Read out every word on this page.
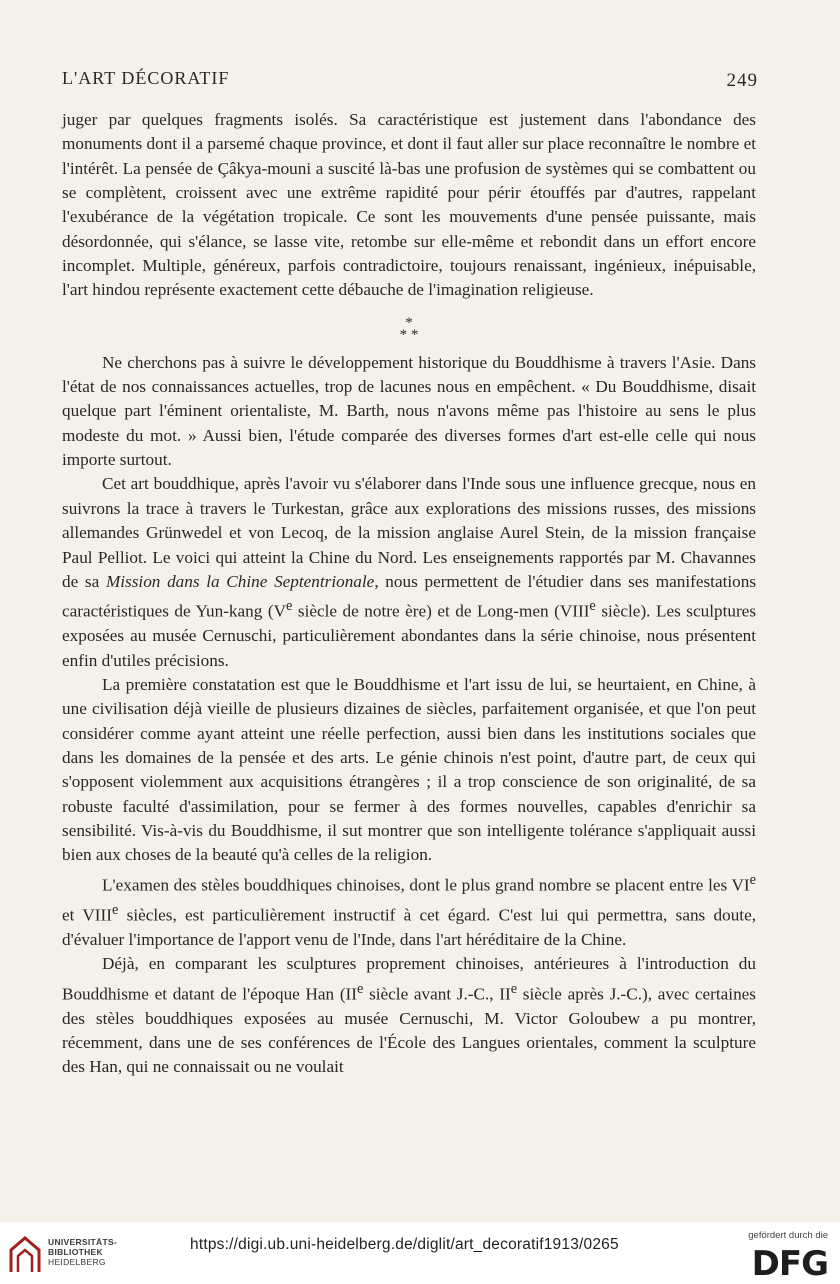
L'ART DÉCORATIF	249

juger par quelques fragments isolés. Sa caractéristique est justement dans l'abondance des monuments dont il a parsemé chaque province, et dont il faut aller sur place reconnaître le nombre et l'intérêt. La pensée de Çâkya-mouni a suscité là-bas une profusion de systèmes qui se combattent ou se complètent, croissent avec une extrême rapidité pour périr étouffés par d'autres, rappelant l'exubérance de la végétation tropicale. Ce sont les mouvements d'une pensée puissante, mais désordonnée, qui s'élance, se lasse vite, retombe sur elle-même et rebondit dans un effort encore incomplet. Multiple, généreux, parfois contradictoire, toujours renaissant, ingénieux, inépuisable, l'art hindou représente exactement cette débauche de l'imagination religieuse.

*
* *

Ne cherchons pas à suivre le développement historique du Bouddhisme à travers l'Asie. Dans l'état de nos connaissances actuelles, trop de lacunes nous en empêchent. « Du Bouddhisme, disait quelque part l'éminent orientaliste, M. Barth, nous n'avons même pas l'histoire au sens le plus modeste du mot. » Aussi bien, l'étude comparée des diverses formes d'art est-elle celle qui nous importe surtout.

Cet art bouddhique, après l'avoir vu s'élaborer dans l'Inde sous une influence grecque, nous en suivrons la trace à travers le Turkestan, grâce aux explorations des missions russes, des missions allemandes Grünwedel et von Lecoq, de la mission anglaise Aurel Stein, de la mission française Paul Pelliot. Le voici qui atteint la Chine du Nord. Les enseignements rapportés par M. Chavannes de sa Mission dans la Chine Septentrionale, nous permettent de l'étudier dans ses manifestations caractéristiques de Yun-kang (Ve siècle de notre ère) et de Long-men (VIIIe siècle). Les sculptures exposées au musée Cernuschi, particulièrement abondantes dans la série chinoise, nous présentent enfin d'utiles précisions.

La première constatation est que le Bouddhisme et l'art issu de lui, se heurtaient, en Chine, à une civilisation déjà vieille de plusieurs dizaines de siècles, parfaitement organisée, et que l'on peut considérer comme ayant atteint une réelle perfection, aussi bien dans les institutions sociales que dans les domaines de la pensée et des arts. Le génie chinois n'est point, d'autre part, de ceux qui s'opposent violemment aux acquisitions étrangères ; il a trop conscience de son originalité, de sa robuste faculté d'assimilation, pour se fermer à des formes nouvelles, capables d'enrichir sa sensibilité. Vis-à-vis du Bouddhisme, il sut montrer que son intelligente tolérance s'appliquait aussi bien aux choses de la beauté qu'à celles de la religion.

L'examen des stèles bouddhiques chinoises, dont le plus grand nombre se placent entre les VIe et VIIIe siècles, est particulièrement instructif à cet égard. C'est lui qui permettra, sans doute, d'évaluer l'importance de l'apport venu de l'Inde, dans l'art héréditaire de la Chine.

Déjà, en comparant les sculptures proprement chinoises, antérieures à l'introduction du Bouddhisme et datant de l'époque Han (IIe siècle avant J.-C., IIe siècle après J.-C.), avec certaines des stèles bouddhiques exposées au musée Cernuschi, M. Victor Goloubew a pu montrer, récemment, dans une de ses conférences de l'École des Langues orientales, comment la sculpture des Han, qui ne connaissait ou ne voulait

UNIVERSITÄTS-
BIBLIOTHEK
HEIDELBERG
https://digi.ub.uni-heidelberg.de/diglit/art_decoratif1913/0265
gefördert durch die
DFG
